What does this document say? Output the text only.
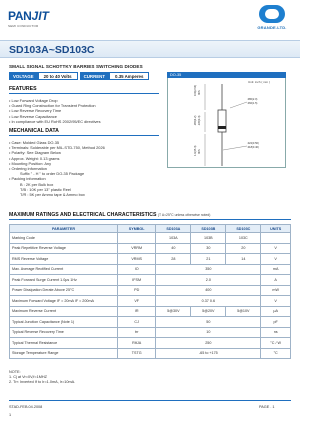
PANJIT
SEMI CONDUCTOR	GRANDE.LTD.
SD103A~SD103C
SMALL SIGNAL SCHOTTKY BARRIES SWITCHING DIODES
VOLTAGE	20 to 40 Volts	CURRENT	0.35 Amperes	DO-35
Unit: inch ( mm )
100(2.54) MIN
.165(4.2) .135(3.4)
1.0(25.4) MIN
.080(2.0)
.060(1.5)
.022(0.56)
.018(0.46)
FEATURES
• Low Forward Voltage Drop
• Guard Ring Construction for Transient Protection
• Low Reverse Recovery Time
• Low Reverse Capacitance
• In compliance with EU RoHS 2002/95/EC directives
MECHANICAL DATA
• Case: Molded Glass DO-35
• Terminals: Solderable per MIL-STD-750, Method 2026
• Polarity: See Diagram Below
• Approx. Weight: 0.13 grams
• Mounting Position: Any
• Ordering information
Suffix " - H " to order DO-35 Package
• Packing information
B : 2K per Bulk box
T/B : 10K per 13" plastic Reel
T/R : 5K per Ammo tape & Ammo box
MAXIMUM RATINGS AND ELECTRICAL CHARACTERISTICS (T A=25°C unless otherwise noted)
PARAMETER	SYMBOL	SD103A	SD103B	SD103C	UNITS
Marking Code		103A	103B	103C	
Peak Repetitive Reverse Voltage	VRRM	40	30	20	V
RMS Reverse Voltage	VRMS	28	21	14	V
Max. Average Rectified Current	IO	350			mA
Peak Forward Surge Current 1.0μs 1Hz	IFSM	2.0			A
Power Dissipation Derate Above 25°C	PD	400			mW
Maximum Forward Voltage IF = 20mA IF = 200mA	VF	0.37 0.6			V
Maximum Reverse Current	IR	5@30V	5@20V	5@10V	μA
Typical Junction Capacitance (Note 1)	CJ	50			pF
Typical Reverse Recovery Time	trr	10			ns
Typical Thermal Resistance	RθJA	250			°C / W
Storage Temperature Range	TSTG	-65 to +175			°C
NOTE:
1. Cj at Vr=0V,f=1MHZ
2. Trr: Inverted If to Ir=1.0mA, Ir=10mA.
STAD-FEB.04.2008
1
PAGE . 1
